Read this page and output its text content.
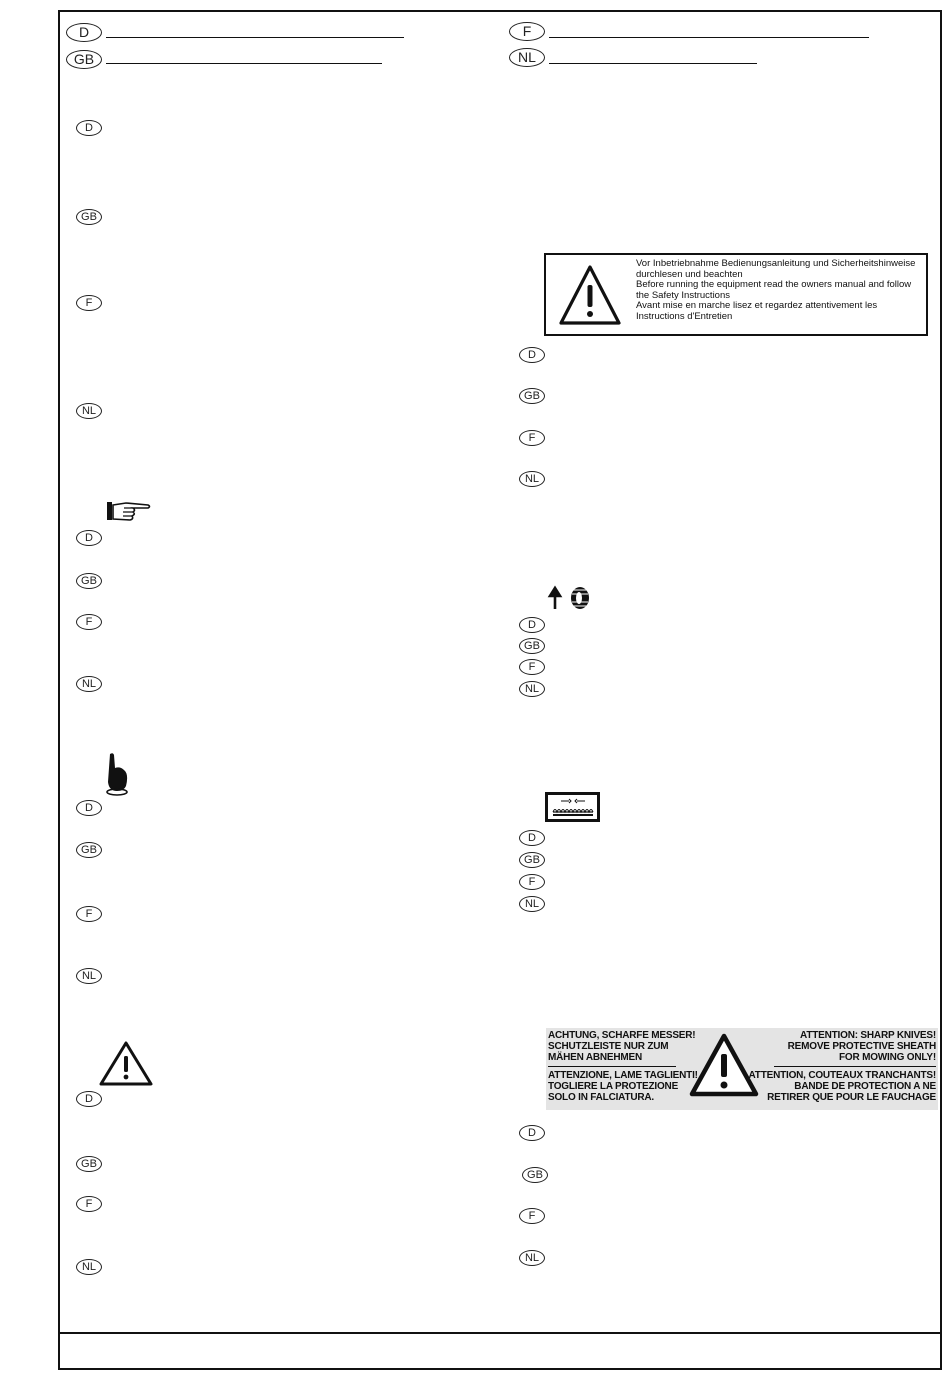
D
GB
F
NL
D
GB
F
NL
D
GB
F
NL
D
GB
F
NL
D
GB
F
NL
Vor Inbetriebnahme Bedienungsanleitung und Sicherheitshinweise
durchlesen und beachten
Before running the equipment read the owners manual and follow
the Safety Instructions
Avant mise en marche lisez et regardez attentivement les
Instructions d'Entretien
D
GB
F
NL
D
GB
F
NL
D
GB
F
NL
ACHTUNG, SCHARFE MESSER!
SCHUTZLEISTE NUR ZUM
MÄHEN ABNEHMEN
ATTENZIONE, LAME TAGLIENTI!
TOGLIERE LA PROTEZIONE
SOLO IN FALCIATURA.
ATTENTION: SHARP KNIVES!
REMOVE PROTECTIVE SHEATH
FOR MOWING ONLY!
ATTENTION, COUTEAUX TRANCHANTS!
BANDE DE PROTECTION A NE
RETIRER QUE POUR LE FAUCHAGE
D
GB
F
NL
